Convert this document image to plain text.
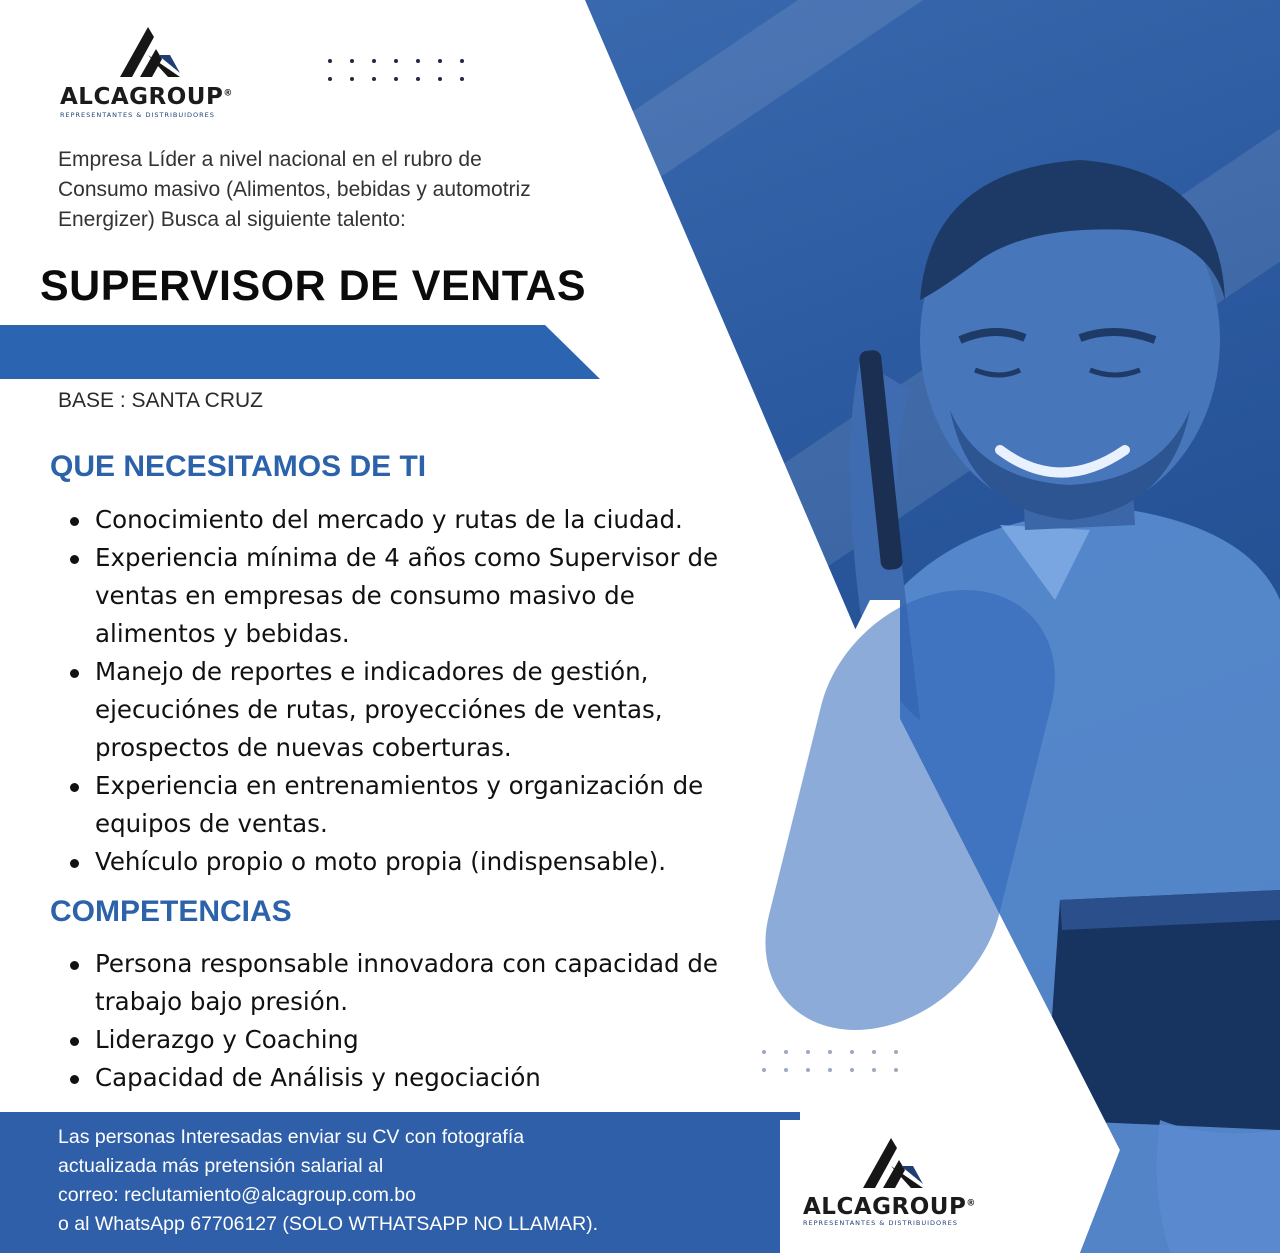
ALCAGROUP®
REPRESENTANTES & DISTRIBUIDORES
Empresa Líder a nivel nacional en el rubro de
Consumo masivo (Alimentos, bebidas y automotriz
Energizer) Busca al siguiente talento:
SUPERVISOR DE VENTAS
BASE : SANTA CRUZ
QUE NECESITAMOS DE TI
Conocimiento del mercado y rutas de la ciudad.
Experiencia mínima de 4 años como Supervisor de
ventas en empresas de consumo masivo de
alimentos y bebidas.
Manejo de reportes e indicadores de gestión,
ejecuciónes de rutas, proyecciónes de ventas,
prospectos de nuevas coberturas.
Experiencia en entrenamientos y organización de
equipos de ventas.
Vehículo propio o moto propia (indispensable).
COMPETENCIAS
Persona responsable innovadora con capacidad de
trabajo bajo presión.
Liderazgo y Coaching
Capacidad de Análisis y negociación
Las personas Interesadas enviar su CV con fotografía
actualizada más pretensión salarial al
correo: reclutamiento@alcagroup.com.bo
o al WhatsApp 67706127 (SOLO WTHATSAPP NO LLAMAR).
ALCAGROUP®
REPRESENTANTES & DISTRIBUIDORES
